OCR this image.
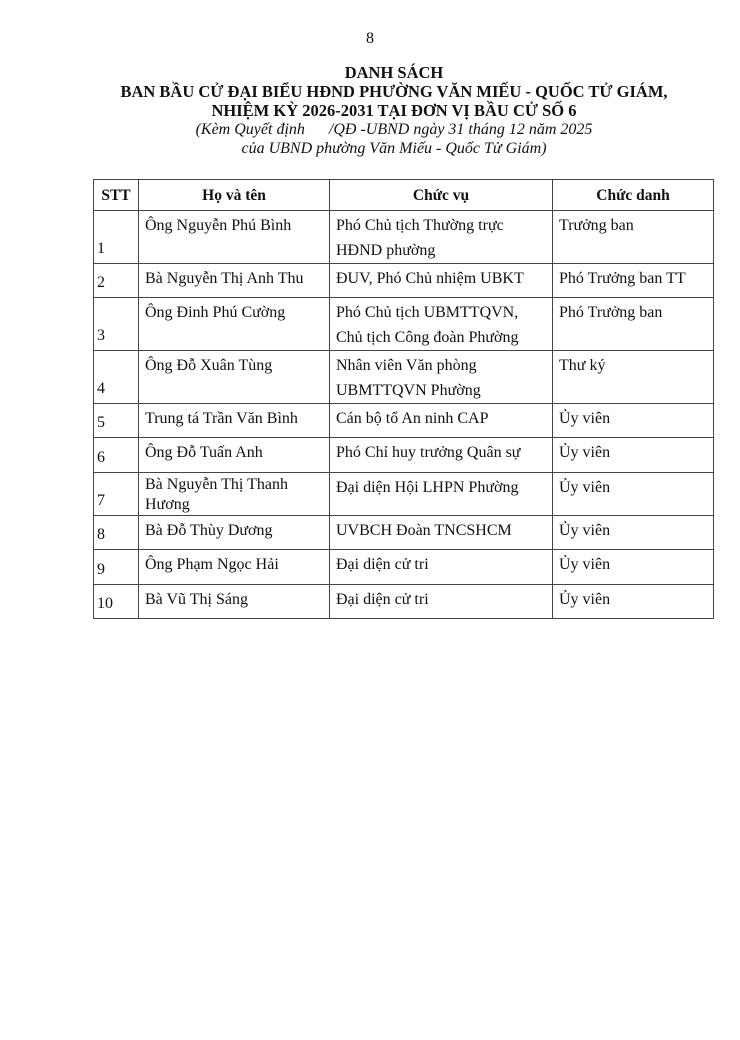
8
DANH SÁCH
BAN BẦU CỬ ĐẠI BIỂU HĐND PHƯỜNG VĂN MIẾU - QUỐC TỬ GIÁM,
NHIỆM KỲ 2026-2031 TẠI ĐƠN VỊ BẦU CỬ SỐ 6
(Kèm Quyết định      /QĐ -UBND ngày 31 tháng 12 năm 2025
của UBND phường Văn Miếu - Quốc Tử Giám)
STT	Họ và tên	Chức vụ	Chức danh
1	Ông Nguyễn Phú Bình	Phó Chủ tịch Thường trực HĐND phường	Trưởng ban
2	Bà Nguyễn Thị Anh Thu	ĐUV, Phó Chủ nhiệm UBKT	Phó Trưởng ban TT
3	Ông Đinh Phú Cường	Phó Chủ tịch UBMTTQVN, Chủ tịch Công đoàn Phường	Phó Trưởng ban
4	Ông Đỗ Xuân Tùng	Nhân viên Văn phòng UBMTTQVN Phường	Thư ký
5	Trung tá Trần Văn Bình	Cán bộ tổ An ninh CAP	Ủy viên
6	Ông Đỗ Tuấn Anh	Phó Chỉ huy trưởng Quân sự	Ủy viên
7	Bà Nguyễn Thị Thanh Hương	Đại diện Hội LHPN Phường	Ủy viên
8	Bà Đỗ Thùy Dương	UVBCH Đoàn TNCSHCM	Ủy viên
9	Ông Phạm Ngọc Hải	Đại diện cử tri	Ủy viên
10	Bà Vũ Thị Sáng	Đại diện cử tri	Ủy viên
